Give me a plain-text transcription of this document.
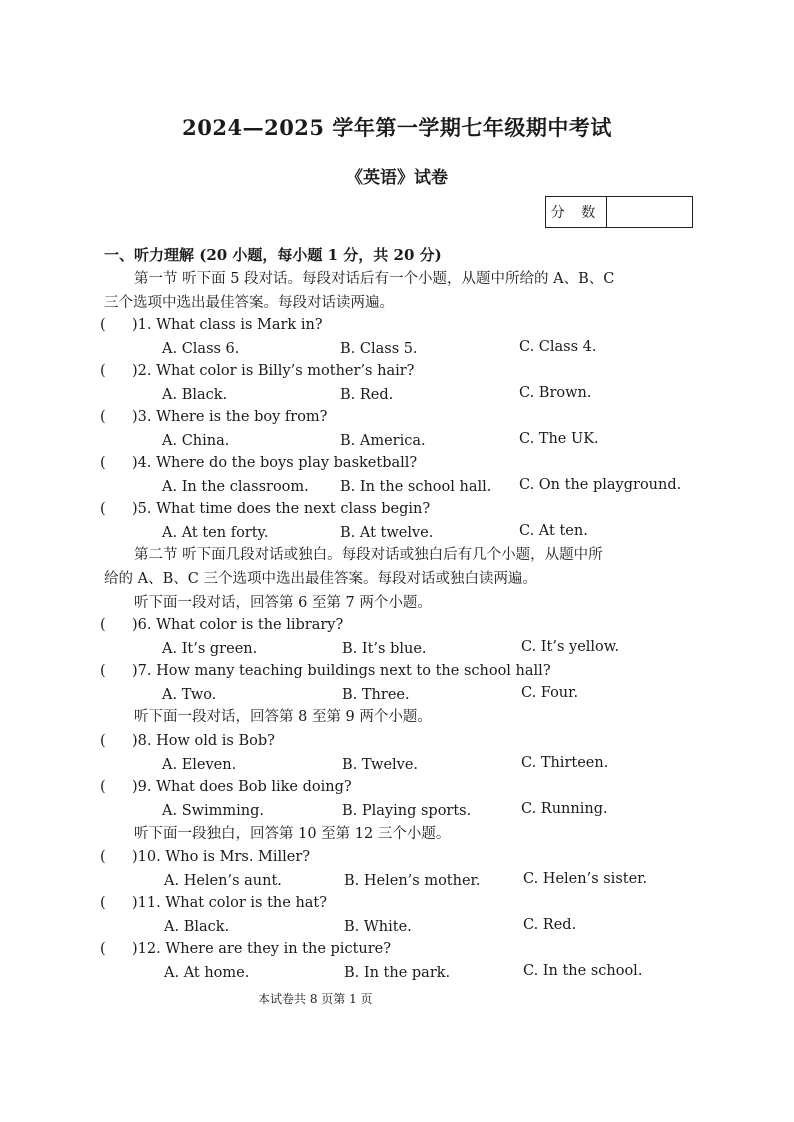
2024—2025 学年第一学期七年级期中考试
《英语》试卷
分 数
一、听力理解 (20 小题，每小题 1 分，共 20 分)
第一节 听下面 5 段对话。每段对话后有一个小题，从题中所给的 A、B、C
三个选项中选出最佳答案。每段对话读两遍。
( )1. What class is Mark in?
A. Class 6.	B. Class 5.	C. Class 4.
( )2. What color is Billy’s mother’s hair?
A. Black.	B. Red.	C. Brown.
( )3. Where is the boy from?
A. China.	B. America.	C. The UK.
( )4. Where do the boys play basketball?
A. In the classroom. B. In the school hall. C. On the playground.
( )5. What time does the next class begin?
A. At ten forty.	B. At twelve.	C. At ten.
第二节 听下面几段对话或独白。每段对话或独白后有几个小题，从题中所
给的 A、B、C 三个选项中选出最佳答案。每段对话或独白读两遍。
听下面一段对话，回答第 6 至第 7 两个小题。
( )6. What color is the library?
A. It’s green.	B. It’s blue.	C. It’s yellow.
( )7. How many teaching buildings next to the school hall?
A. Two.	B. Three.	C. Four.
听下面一段对话，回答第 8 至第 9 两个小题。
( )8. How old is Bob?
A. Eleven.	B. Twelve.	C. Thirteen.
( )9. What does Bob like doing?
A. Swimming.	B. Playing sports.	C. Running.
听下面一段独白，回答第 10 至第 12 三个小题。
( )10. Who is Mrs. Miller?
A. Helen’s aunt.	B. Helen’s mother.	C. Helen’s sister.
( )11. What color is the hat?
A. Black.	B. White.	C. Red.
( )12. Where are they in the picture?
A. At home.	B. In the park.	C. In the school.
本试卷共 8 页第 1 页
